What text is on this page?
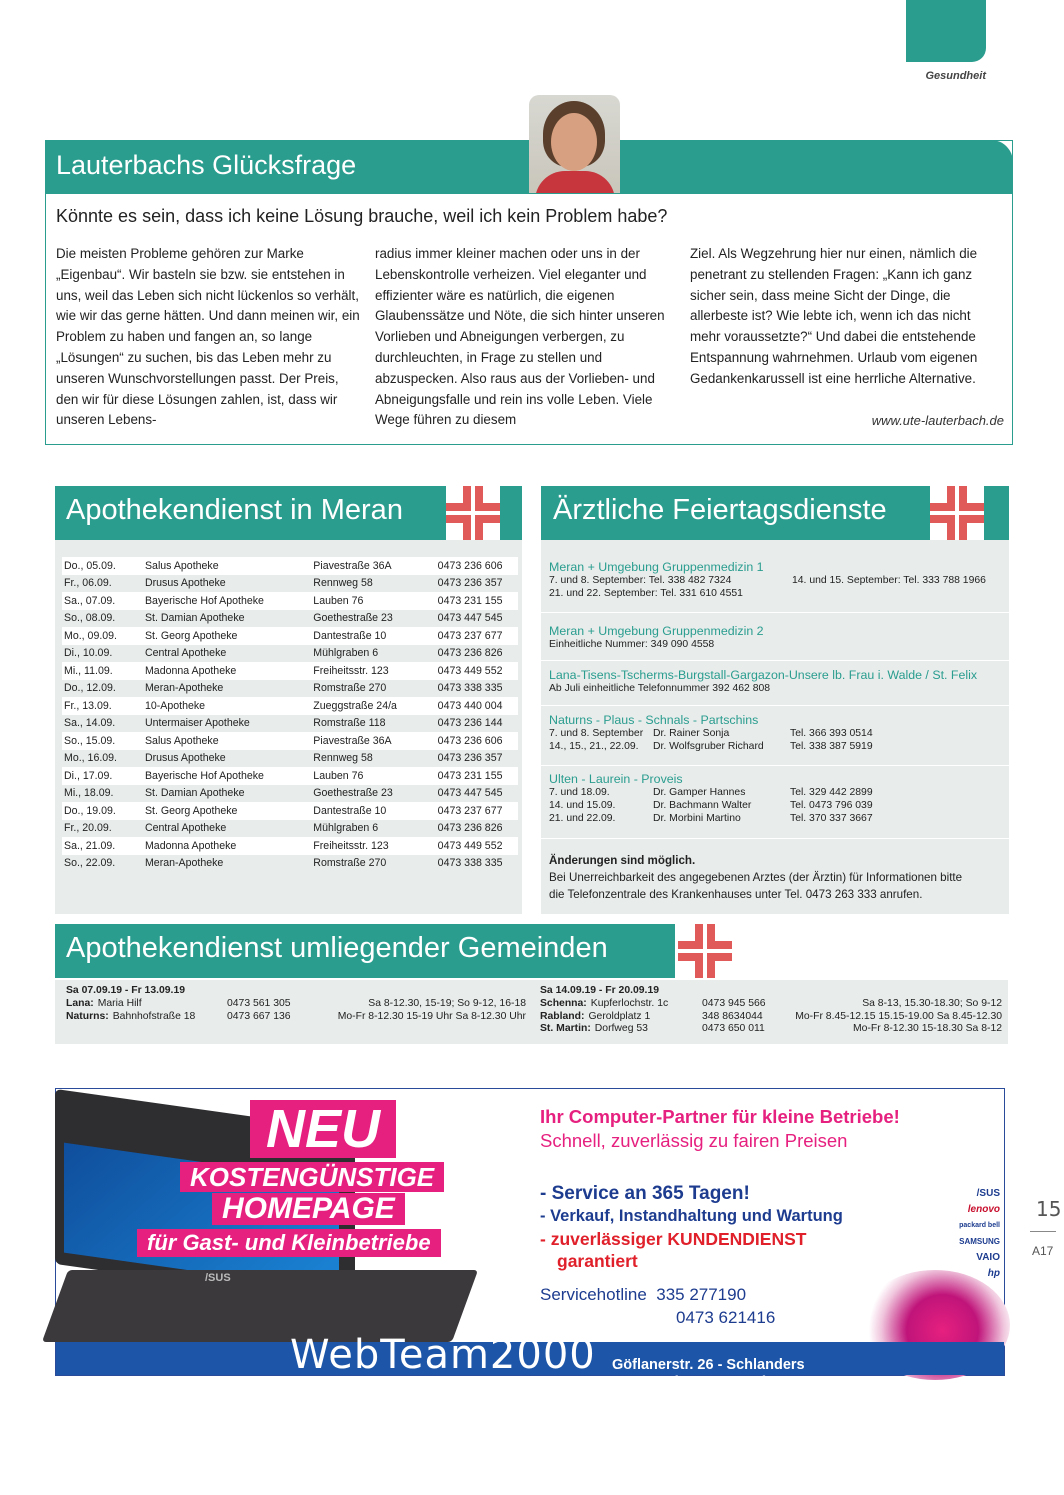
Gesundheit
Lauterbachs Glücksfrage
Könnte es sein, dass ich keine Lösung brauche, weil ich kein Problem habe?
Die meisten Probleme gehören zur Marke „Eigenbau“. Wir basteln sie bzw. sie entstehen in uns, weil das Leben sich nicht lückenlos so verhält, wie wir das gerne hätten. Und dann meinen wir, ein Problem zu haben und fangen an, so lange „Lösungen“ zu suchen, bis das Leben mehr zu unseren Wunschvorstellungen passt. Der Preis, den wir für diese Lösungen zahlen, ist, dass wir unseren Lebens-
radius immer kleiner machen oder uns in der Lebenskontrolle verheizen. Viel eleganter und effizienter wäre es natürlich, die eigenen Glaubenssätze und Nöte, die sich hinter unseren Vorlieben und Abneigungen verbergen, zu durchleuchten, in Frage zu stellen und abzuspecken. Also raus aus der Vorlieben- und Abneigungsfalle und rein ins volle Leben. Viele Wege führen zu diesem
Ziel. Als Wegzehrung hier nur einen, nämlich die penetrant zu stellenden Fragen: „Kann ich ganz sicher sein, dass meine Sicht der Dinge, die allerbeste ist? Wie lebte ich, wenn ich das nicht mehr voraussetzte?“ Und dabei die entstehende Entspannung wahrnehmen. Urlaub vom eigenen Gedankenkarussell ist eine herrliche Alternative.
www.ute-lauterbach.de
Apothekendienst in Meran
Do., 05.09.	Salus Apotheke	Piavestraße 36A	0473 236 606
Fr., 06.09.	Drusus Apotheke	Rennweg 58	0473 236 357
Sa., 07.09.	Bayerische Hof Apotheke	Lauben 76	0473 231 155
So., 08.09.	St. Damian Apotheke	Goethestraße 23	0473 447 545
Mo., 09.09.	St. Georg Apotheke	Dantestraße 10	0473 237 677
Di., 10.09.	Central Apotheke	Mühlgraben 6	0473 236 826
Mi., 11.09.	Madonna Apotheke	Freiheitsstr. 123	0473 449 552
Do., 12.09.	Meran-Apotheke	Romstraße 270	0473 338 335
Fr., 13.09.	10-Apotheke	Zueggstraße 24/a	0473 440 004
Sa., 14.09.	Untermaiser Apotheke	Romstraße 118	0473 236 144
So., 15.09.	Salus Apotheke	Piavestraße 36A	0473 236 606
Mo., 16.09.	Drusus Apotheke	Rennweg 58	0473 236 357
Di., 17.09.	Bayerische Hof Apotheke	Lauben 76	0473 231 155
Mi., 18.09.	St. Damian Apotheke	Goethestraße 23	0473 447 545
Do., 19.09.	St. Georg Apotheke	Dantestraße 10	0473 237 677
Fr., 20.09.	Central Apotheke	Mühlgraben 6	0473 236 826
Sa., 21.09.	Madonna Apotheke	Freiheitsstr. 123	0473 449 552
So., 22.09.	Meran-Apotheke	Romstraße 270	0473 338 335
Ärztliche Feiertagsdienste
Meran + Umgebung Gruppenmedizin 1
7. und 8. September: Tel. 338 482 7324	14. und 15. September: Tel. 333 788 1966
21. und 22. September: Tel. 331 610 4551
Meran + Umgebung Gruppenmedizin 2
Einheitliche Nummer: 349 090 4558
Lana-Tisens-Tscherms-Burgstall-Gargazon-Unsere lb. Frau i. Walde / St. Felix
Ab Juli einheitliche Telefonnummer 392 462 808
Naturns - Plaus - Schnals - Partschins
7. und 8. September Dr. Rainer Sonja	Tel. 366 393 0514
14., 15., 21., 22.09. Dr. Wolfsgruber Richard	Tel. 338 387 5919
Ulten - Laurein - Proveis
7. und 18.09.	Dr. Gamper Hannes	Tel. 329 442 2899
14. und 15.09.	Dr. Bachmann Walter	Tel. 0473 796 039
21. und 22.09.	Dr. Morbini Martino	Tel. 370 337 3667
Änderungen sind möglich.
Bei Unerreichbarkeit des angegebenen Arztes (der Ärztin) für Informationen bitte
die Telefonzentrale des Krankenhauses unter Tel. 0473 263 333 anrufen.
Apothekendienst umliegender Gemeinden
Sa 07.09.19 - Fr 13.09.19
Lana: Maria Hilf	0473 561 305	Sa 8-12.30, 15-19; So 9-12, 16-18
Naturns: Bahnhofstraße 18	0473 667 136	Mo-Fr 8-12.30 15-19 Uhr Sa 8-12.30 Uhr
Sa 14.09.19 - Fr 20.09.19
Schenna: Kupferlochstr. 1c	0473 945 566	Sa 8-13, 15.30-18.30; So 9-12
Rabland: Geroldplatz 1	348 8634044	Mo-Fr 8.45-12.15 15.15-19.00 Sa 8.45-12.30
St. Martin: Dorfweg 53	0473 650 011	Mo-Fr 8-12.30 15-18.30 Sa 8-12
/SUS
NEU
KOSTENGÜNSTIGE
HOMEPAGE
für Gast- und Kleinbetriebe
Ihr Computer-Partner für kleine Betriebe!
Schnell, zuverlässig zu fairen Preisen
- Service an 365 Tagen!
- Verkauf, Instandhaltung und Wartung
- zuverlässiger KUNDENDIENST
garantiert
Servicehotline 335 277190
0473 621416
/SUS
lenovo
packard bell
SAMSUNG
VAIO
hp
WebTeam2000 Göflanerstr. 26 - Schlanders
www.webteam2000.it
15
A17
